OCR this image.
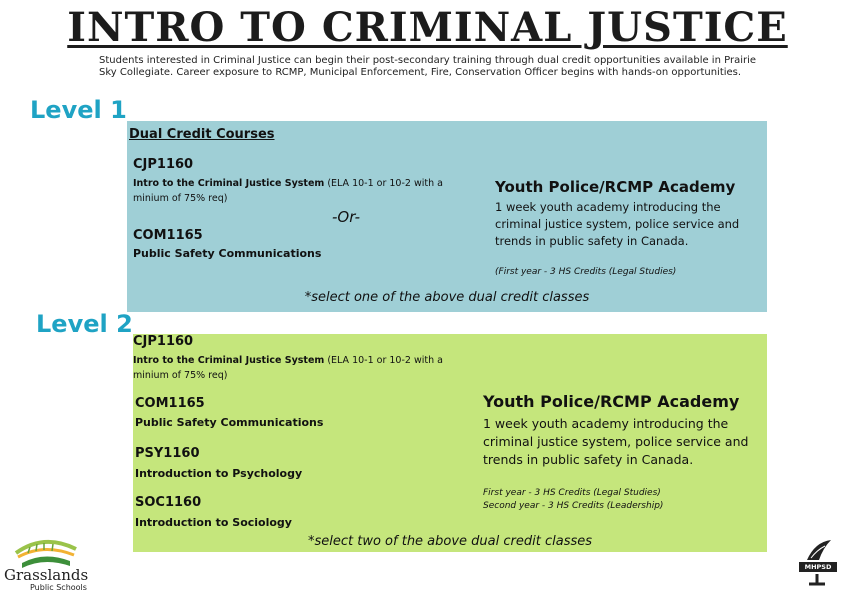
INTRO TO CRIMINAL JUSTICE
Students interested in Criminal Justice can begin their post-secondary training through dual credit opportunities available in Prairie Sky Collegiate. Career exposure to RCMP, Municipal Enforcement, Fire, Conservation Officer begins with hands-on opportunities.
Level 1
Dual Credit Courses
CJP1160
Intro to the Criminal Justice System (ELA 10-1 or 10-2 with a
minium of 75% req)
-Or-
COM1165
Public Safety Communications
Youth Police/RCMP Academy
1 week youth academy introducing the
criminal justice system, police service and
trends in public safety in Canada.
(First year - 3 HS Credits (Legal Studies)
*select one of the above dual credit classes
Level 2
CJP1160
Intro to the Criminal Justice System (ELA 10-1 or 10-2 with a
minium of 75% req)
COM1165
Public Safety Communications
PSY1160
Introduction to Psychology
SOC1160
Introduction to Sociology
Youth Police/RCMP Academy
1 week youth academy introducing the
criminal justice system, police service and
trends in public safety in Canada.
First year - 3 HS Credits (Legal Studies)
Second year - 3 HS Credits (Leadership)
*select two of the above dual credit classes
Grasslands
Public Schools
MHPSD
